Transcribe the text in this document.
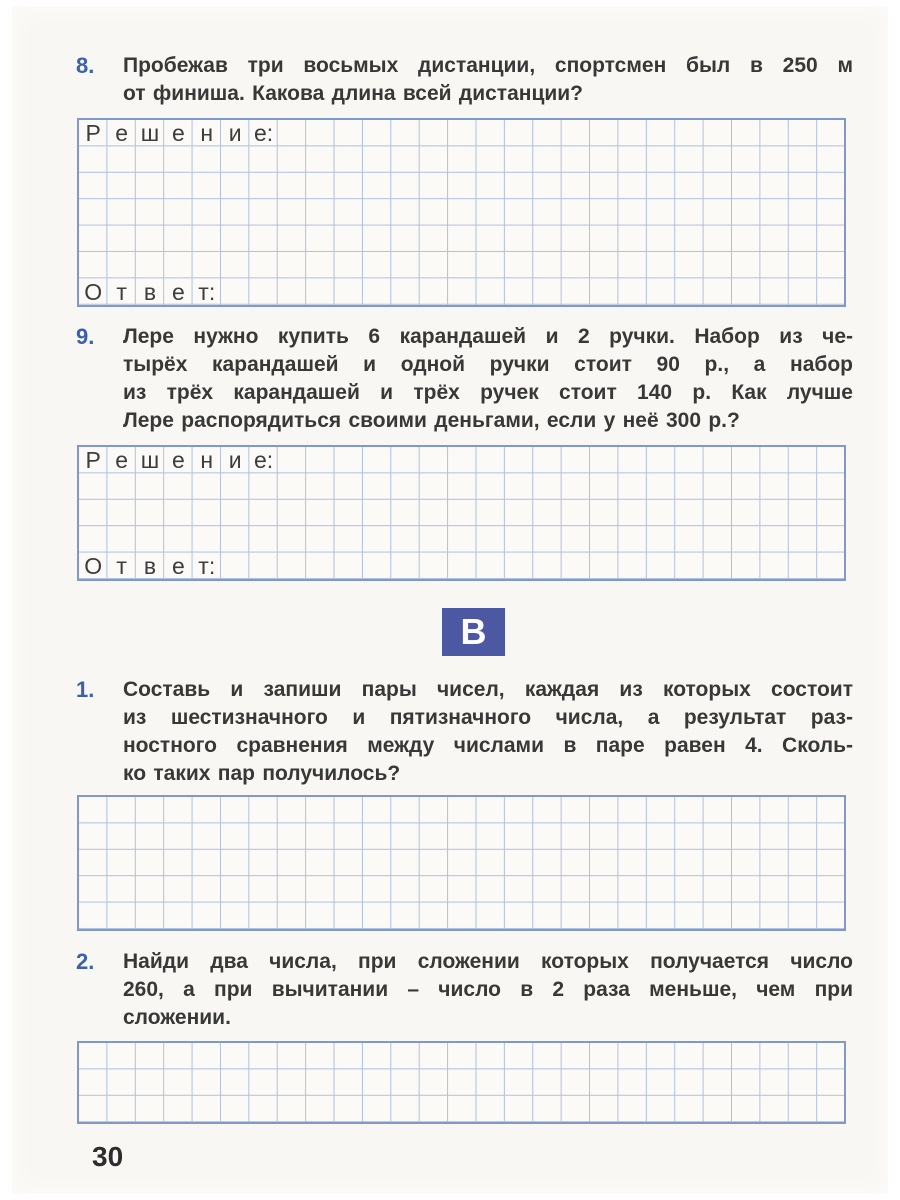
8.	Пробежав три восьмых дистанции, спортсмен был в 250 м
от финиша. Какова длина всей дистанции?
Р е ш е н и е:
О т в е т:
9.	Лере нужно купить 6 карандашей и 2 ручки. Набор из че-
тырёх карандашей и одной ручки стоит 90 р., а набор
из трёх карандашей и трёх ручек стоит 140 р. Как лучше
Лере распорядиться своими деньгами, если у неё 300 р.?
Р е ш е н и е:
О т в е т:
В
1.	Составь и запиши пары чисел, каждая из которых состоит
из шестизначного и пятизначного числа, а результат раз-
ностного сравнения между числами в паре равен 4. Сколь-
ко таких пар получилось?
2.	Найди два числа, при сложении которых получается число
260, а при вычитании – число в 2 раза меньше, чем при
сложении.
30
